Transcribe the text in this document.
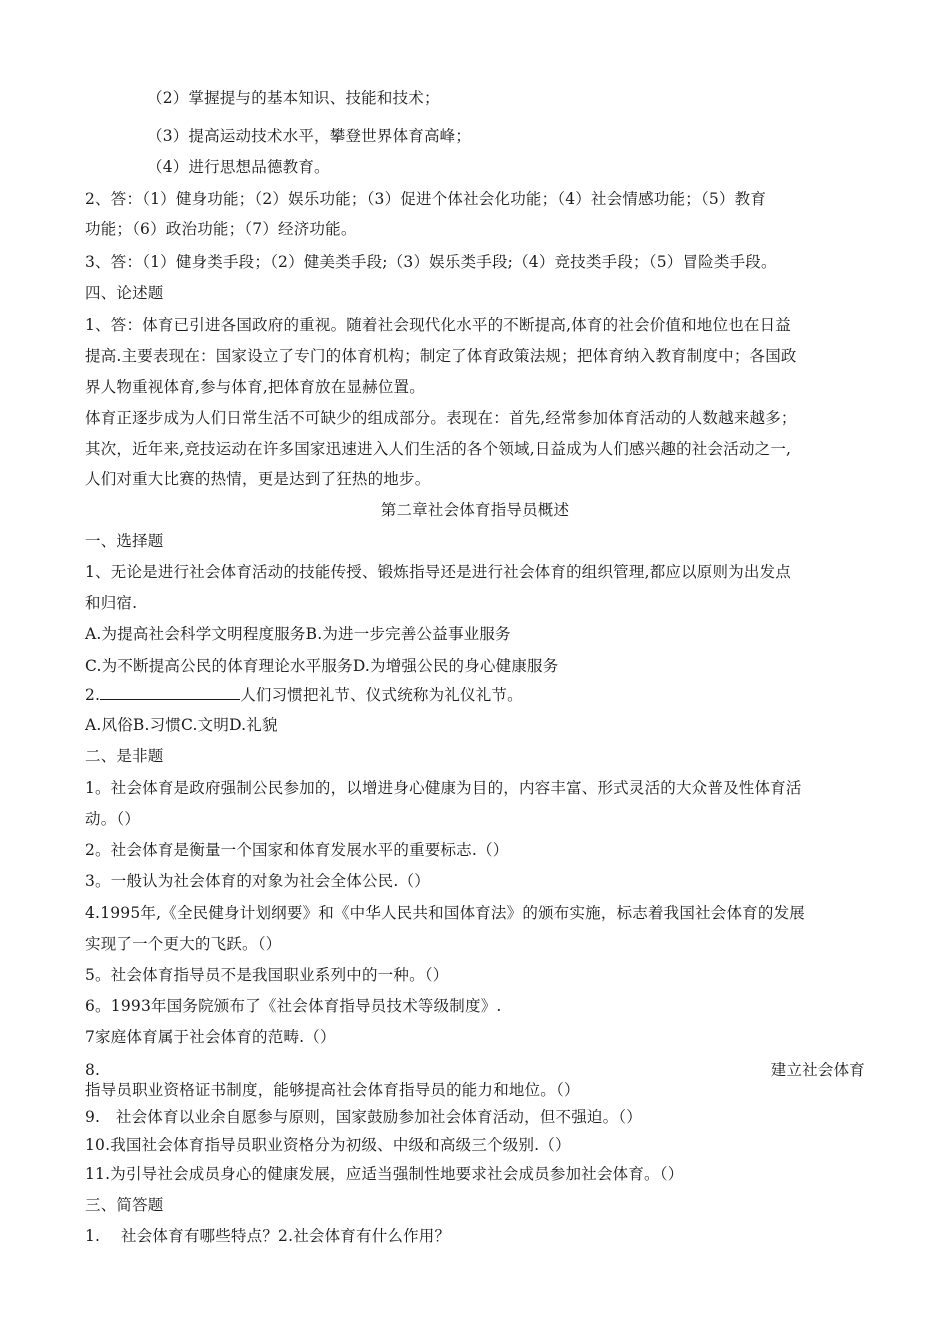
（2）掌握提与的基本知识、技能和技术；
（3）提高运动技术水平，攀登世界体育高峰；
（4）进行思想品德教育。
2、答：（1）健身功能；（2）娱乐功能；（3）促进个体社会化功能；（4）社会情感功能；（5）教育
功能；（6）政治功能；（7）经济功能。
3、答：（1）健身类手段；（2）健美类手段;（3）娱乐类手段;（4）竞技类手段；（5）冒险类手段。
四、论述题
1、答：体育已引进各国政府的重视。随着社会现代化水平的不断提高,体育的社会价值和地位也在日益
提高.主要表现在：国家设立了专门的体育机构；制定了体育政策法规；把体育纳入教育制度中；各国政
界人物重视体育,参与体育,把体育放在显赫位置。
体育正逐步成为人们日常生活不可缺少的组成部分。表现在：首先,经常参加体育活动的人数越来越多；
其次，近年来,竞技运动在许多国家迅速进入人们生活的各个领域,日益成为人们感兴趣的社会活动之一,
人们对重大比赛的热情，更是达到了狂热的地步。
第二章社会体育指导员概述
一、选择题
1、无论是进行社会体育活动的技能传授、锻炼指导还是进行社会体育的组织管理,都应以原则为出发点
和归宿.
A.为提高社会科学文明程度服务B.为进一步完善公益事业服务
C.为不断提高公民的体育理论水平服务D.为增强公民的身心健康服务
2.	人们习惯把礼节、仪式统称为礼仪礼节。
A.风俗B.习惯C.文明D.礼貌
二、是非题
1。社会体育是政府强制公民参加的，以增进身心健康为目的，内容丰富、形式灵活的大众普及性体育活
动。（）
2。社会体育是衡量一个国家和体育发展水平的重要标志.（）
3。一般认为社会体育的对象为社会全体公民.（）
4.1995年,《全民健身计划纲要》和《中华人民共和国体育法》的颁布实施，标志着我国社会体育的发展
实现了一个更大的飞跃。（）
5。社会体育指导员不是我国职业系列中的一种。（）
6。1993年国务院颁布了《社会体育指导员技术等级制度》.
7家庭体育属于社会体育的范畴.（）
8.	建立社会体育
指导员职业资格证书制度，能够提高社会体育指导员的能力和地位。（）
9.　社会体育以业余自愿参与原则，国家鼓励参加社会体育活动，但不强迫。（）
10.我国社会体育指导员职业资格分为初级、中级和高级三个级别.（）
11.为引导社会成员身心的健康发展，应适当强制性地要求社会成员参加社会体育。（）
三、简答题
1.　 社会体育有哪些特点？2.社会体育有什么作用？
